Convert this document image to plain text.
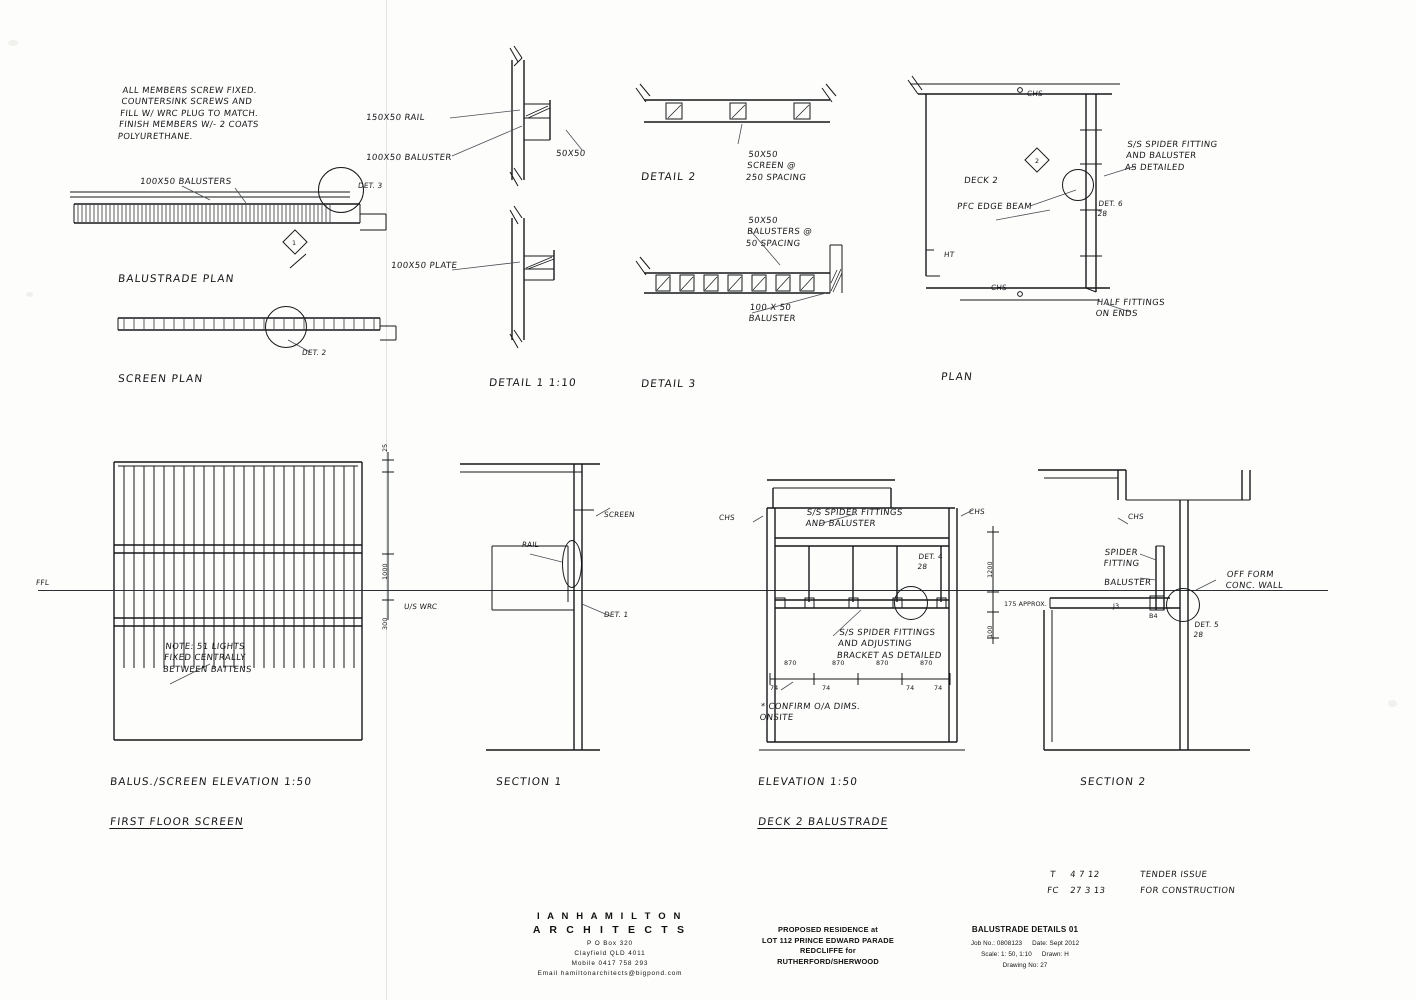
ALL MEMBERS SCREW FIXED.
COUNTERSINK SCREWS AND
FILL W/ WRC PLUG TO MATCH.
FINISH MEMBERS W/- 2 COATS
POLYURETHANE.
DET. 3
1
100X50 BALUSTERS
BALUSTRADE PLAN
DET. 2
SCREEN PLAN
150X50 RAIL
100X50 BALUSTER	50X50
100X50 PLATE
DETAIL 1 1:10
DETAIL 2
50X50
SCREEN @
250 SPACING
50X50
BALUSTERS @
50 SPACING
100 X 50
BALUSTER
DETAIL 3
CHS
CHS
HT
DECK 2
PFC EDGE BEAM
S/S SPIDER FITTING
AND BALUSTER
AS DETAILED
DET. 6
28
HALF FITTINGS
ON ENDS
2
PLAN
25
1000
300
NOTE: 51 LIGHTS
FIXED CENTRALLY
BETWEEN BATTENS
BALUS./SCREEN ELEVATION 1:50
FIRST FLOOR SCREEN
FFL
U/S WRC
SCREEN
RAIL
DET. 1
SECTION 1
870	870	870	870
74	74	74	74
1200
175 APPROX.
100
CHS
CHS
S/S SPIDER FITTINGS
AND BALUSTER
S/S SPIDER FITTINGS
AND ADJUSTING
BRACKET AS DETAILED
DET. 4
28
* CONFIRM O/A DIMS.
ONSITE
ELEVATION 1:50
DECK 2 BALUSTRADE
CHS
SPIDER
FITTING
BALUSTER
OFF FORM
CONC. WALL
DET. 5
28
B4
J3
SECTION 2
T 4 7 12	TENDER ISSUE
FC 27 3 13	FOR CONSTRUCTION
I A N H A M I L T O N
A R C H I T E C T S
P O Box 320
Clayfield QLD 4011
Mobile 0417 758 293
Email hamiltonarchitects@bigpond.com
PROPOSED RESIDENCE at
LOT 112 PRINCE EDWARD PARADE
REDCLIFFE for
RUTHERFORD/SHERWOOD
BALUSTRADE DETAILS 01
Job No.: 0808123 Date: Sept 2012
Scale: 1: 50, 1:10 Drawn: H
Drawing No: 27
